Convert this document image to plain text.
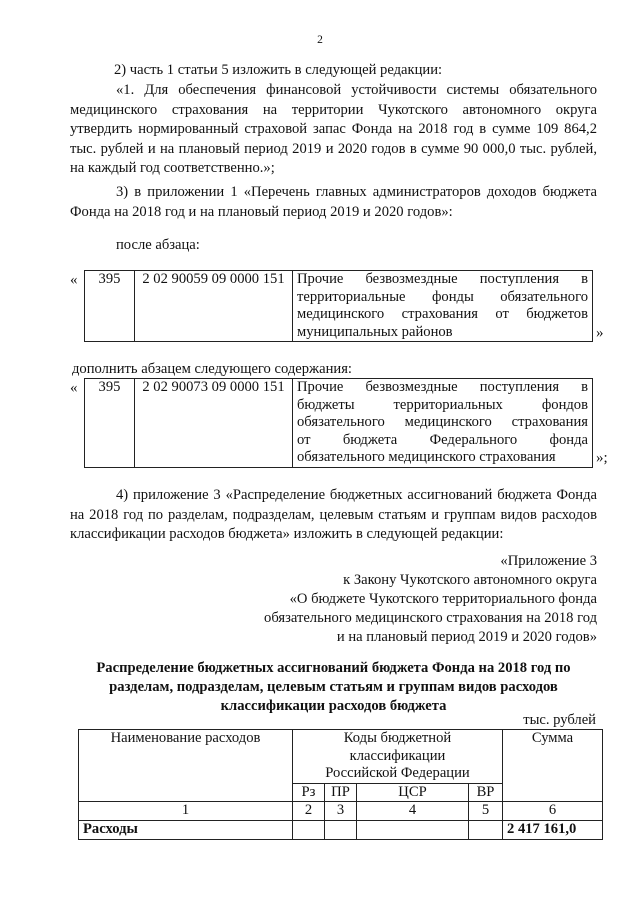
2
2) часть 1 статьи 5 изложить в следующей редакции:
«1. Для обеспечения финансовой устойчивости системы обязательного медицинского страхования на территории Чукотского автономного округа утвердить нормированный страховой запас Фонда на 2018 год в сумме 109 864,2 тыс. рублей и на плановый период 2019 и 2020 годов в сумме 90 000,0 тыс. рублей, на каждый год соответственно.»;
3) в приложении 1 «Перечень главных администраторов доходов бюджета Фонда на 2018 год и на плановый период 2019 и 2020 годов»:
после абзаца:
« 395	2 02 90059 09 0000 151	Прочие безвозмездные поступления в
территориальные фонды обязательного
медицинского страхования от бюджетов
муниципальных районов	»
дополнить абзацем следующего содержания:
« 395	2 02 90073 09 0000 151	Прочие безвозмездные поступления в
бюджеты территориальных фондов
обязательного медицинского страхования
от бюджета Федерального фонда
обязательного медицинского страхования	»;
4) приложение 3 «Распределение бюджетных ассигнований бюджета Фонда на 2018 год по разделам, подразделам, целевым статьям и группам видов расходов классификации расходов бюджета» изложить в следующей редакции:
«Приложение 3
к Закону Чукотского автономного округа
«О бюджете Чукотского территориального фонда
обязательного медицинского страхования на 2018 год
и на плановый период 2019 и 2020 годов»
Распределение бюджетных ассигнований бюджета Фонда на 2018 год по
разделам, подразделам, целевым статьям и группам видов расходов
классификации расходов бюджета
тыс. рублей
Наименование расходов	Коды бюджетной
классификации
Российской Федерации				Сумма
	Рз	ПР	ЦСР	ВР	
1	2	3	4	5	6
Расходы					2 417 161,0
